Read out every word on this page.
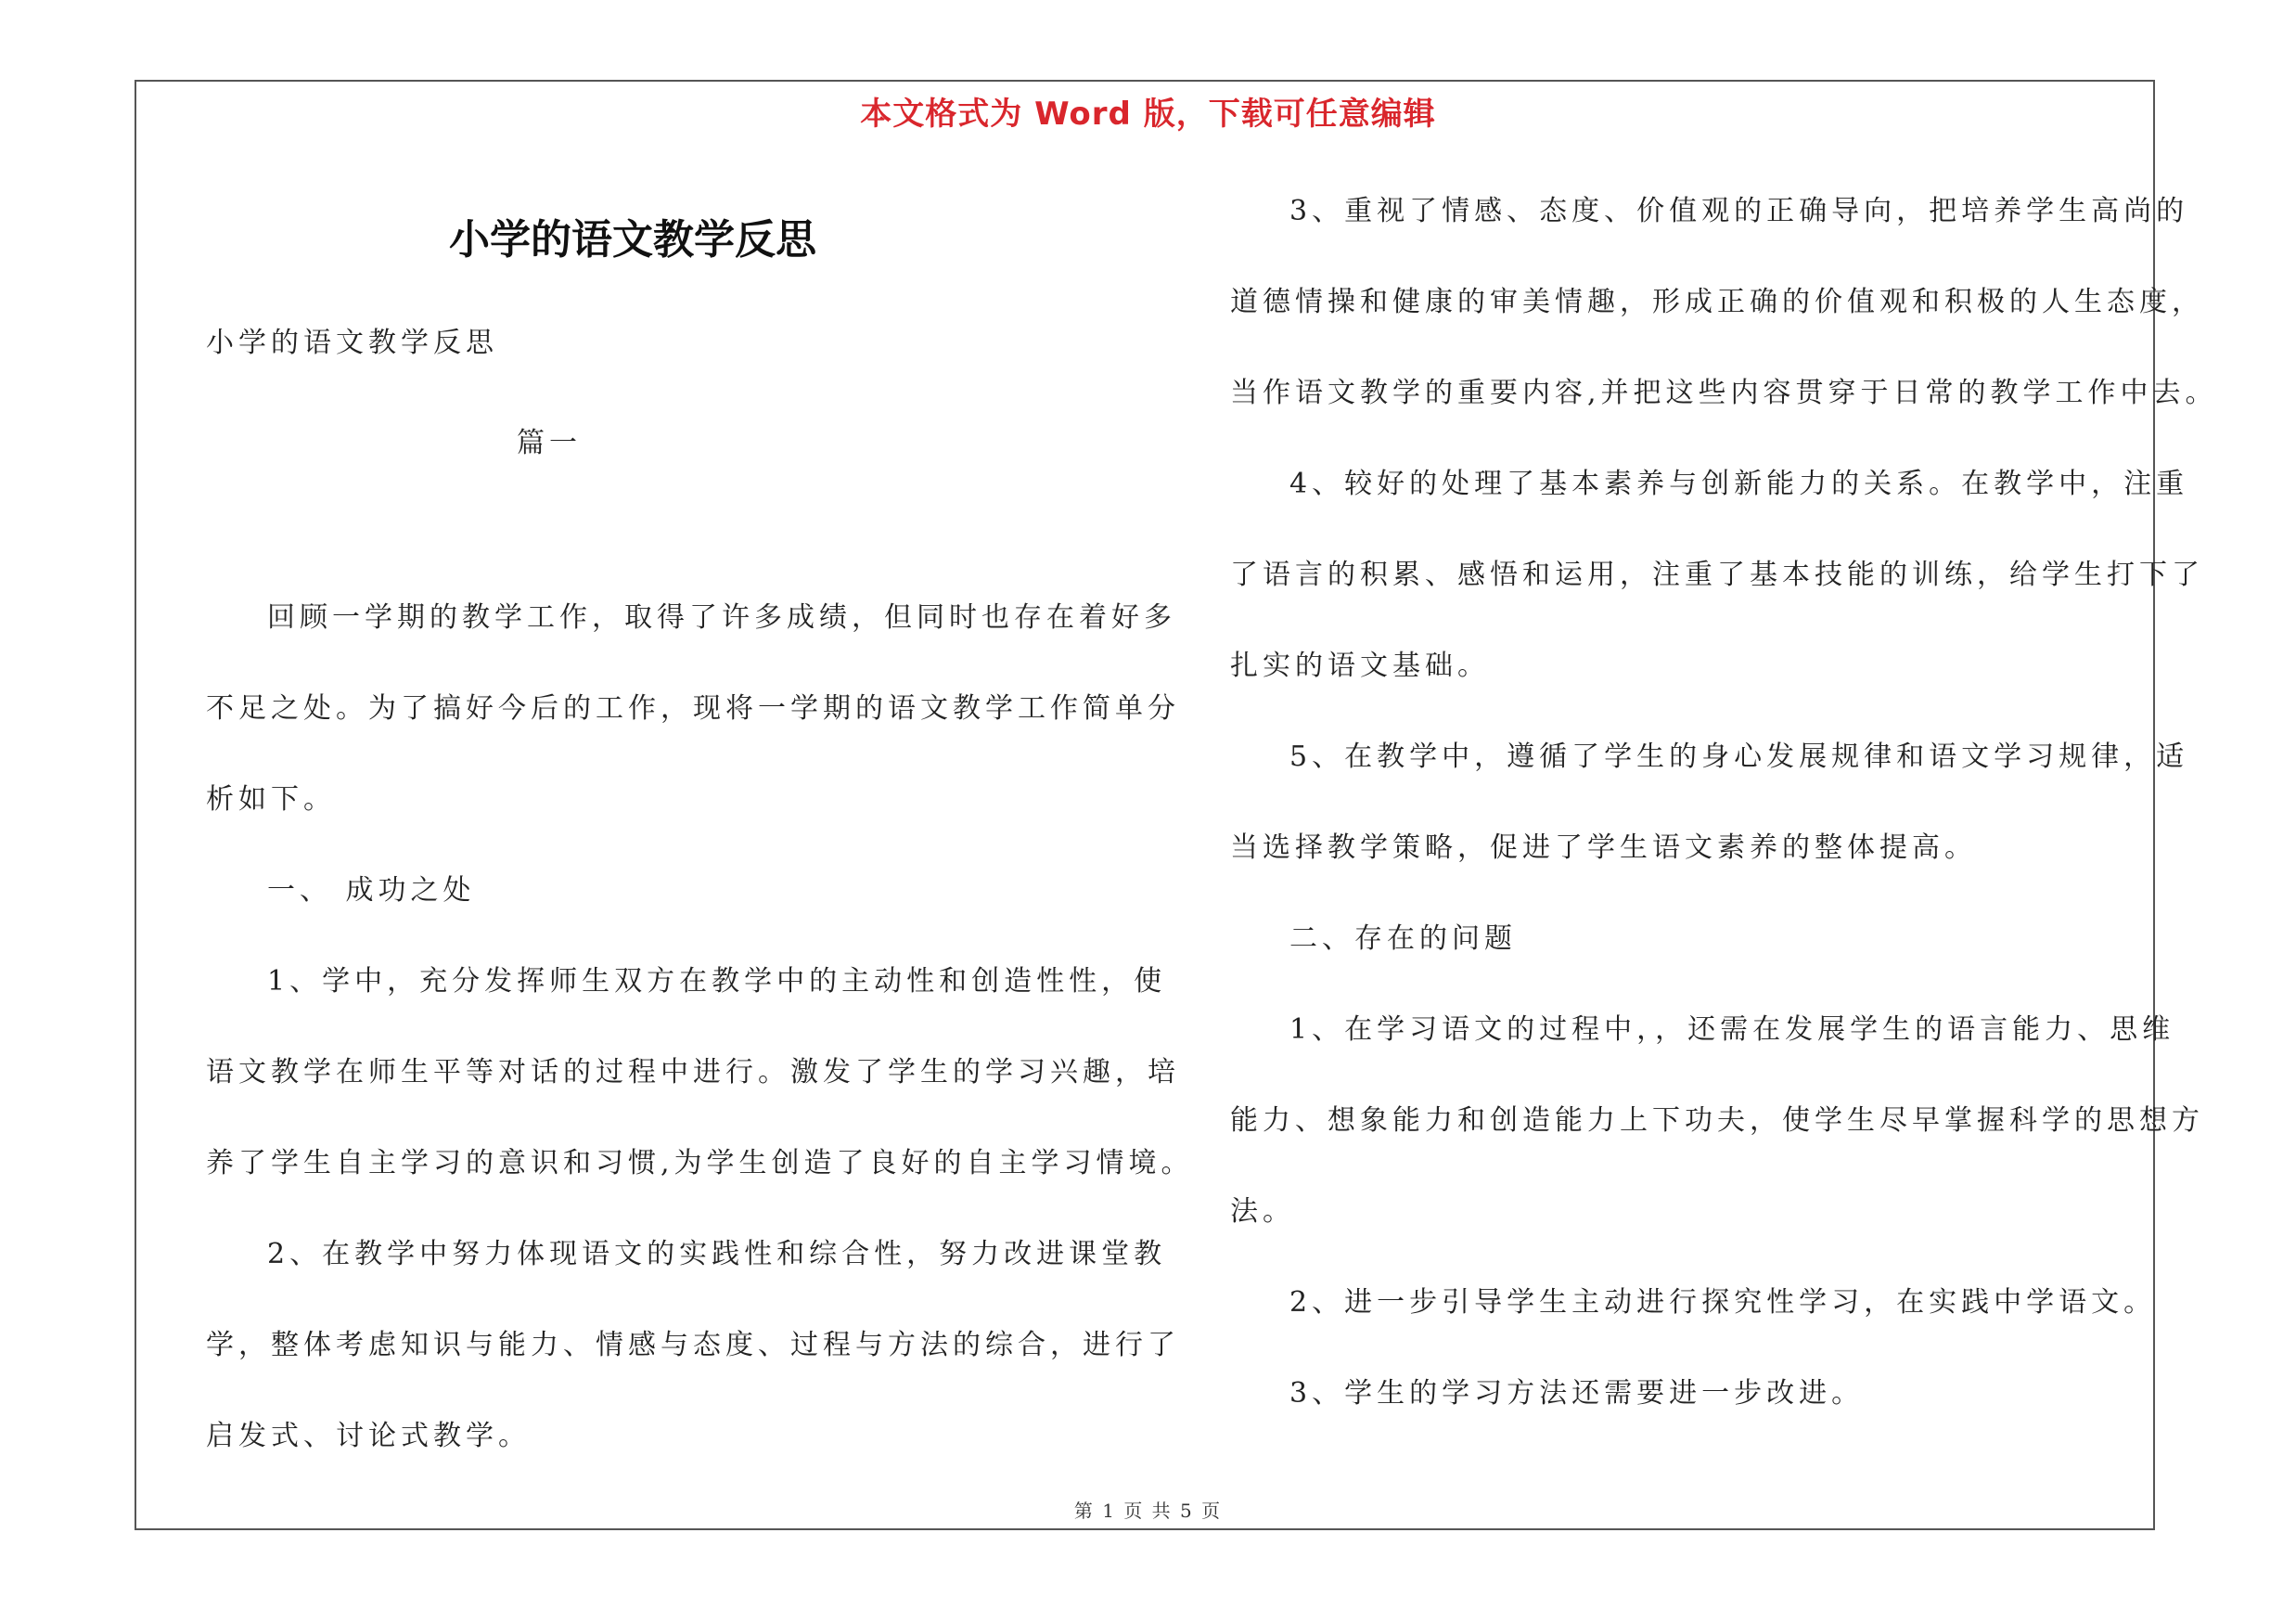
本文格式为 Word 版，下载可任意编辑
小学的语文教学反思
小学的语文教学反思
篇一
回顾一学期的教学工作，取得了许多成绩，但同时也存在着好多
不足之处。为了搞好今后的工作，现将一学期的语文教学工作简单分
析如下。
一、 成功之处
1、学中，充分发挥师生双方在教学中的主动性和创造性性，使
语文教学在师生平等对话的过程中进行。激发了学生的学习兴趣，培
养了学生自主学习的意识和习惯,为学生创造了良好的自主学习情境。
2、在教学中努力体现语文的实践性和综合性，努力改进课堂教
学，整体考虑知识与能力、情感与态度、过程与方法的综合，进行了
启发式、讨论式教学。
3、重视了情感、态度、价值观的正确导向，把培养学生高尚的
道德情操和健康的审美情趣，形成正确的价值观和积极的人生态度，
当作语文教学的重要内容,并把这些内容贯穿于日常的教学工作中去。
4、较好的处理了基本素养与创新能力的关系。在教学中，注重
了语言的积累、感悟和运用，注重了基本技能的训练，给学生打下了
扎实的语文基础。
5、在教学中，遵循了学生的身心发展规律和语文学习规律，适
当选择教学策略，促进了学生语文素养的整体提高。
二、存在的问题
1、在学习语文的过程中，，还需在发展学生的语言能力、思维
能力、想象能力和创造能力上下功夫，使学生尽早掌握科学的思想方
法。
2、进一步引导学生主动进行探究性学习，在实践中学语文。
3、学生的学习方法还需要进一步改进。
第 1 页 共 5 页
